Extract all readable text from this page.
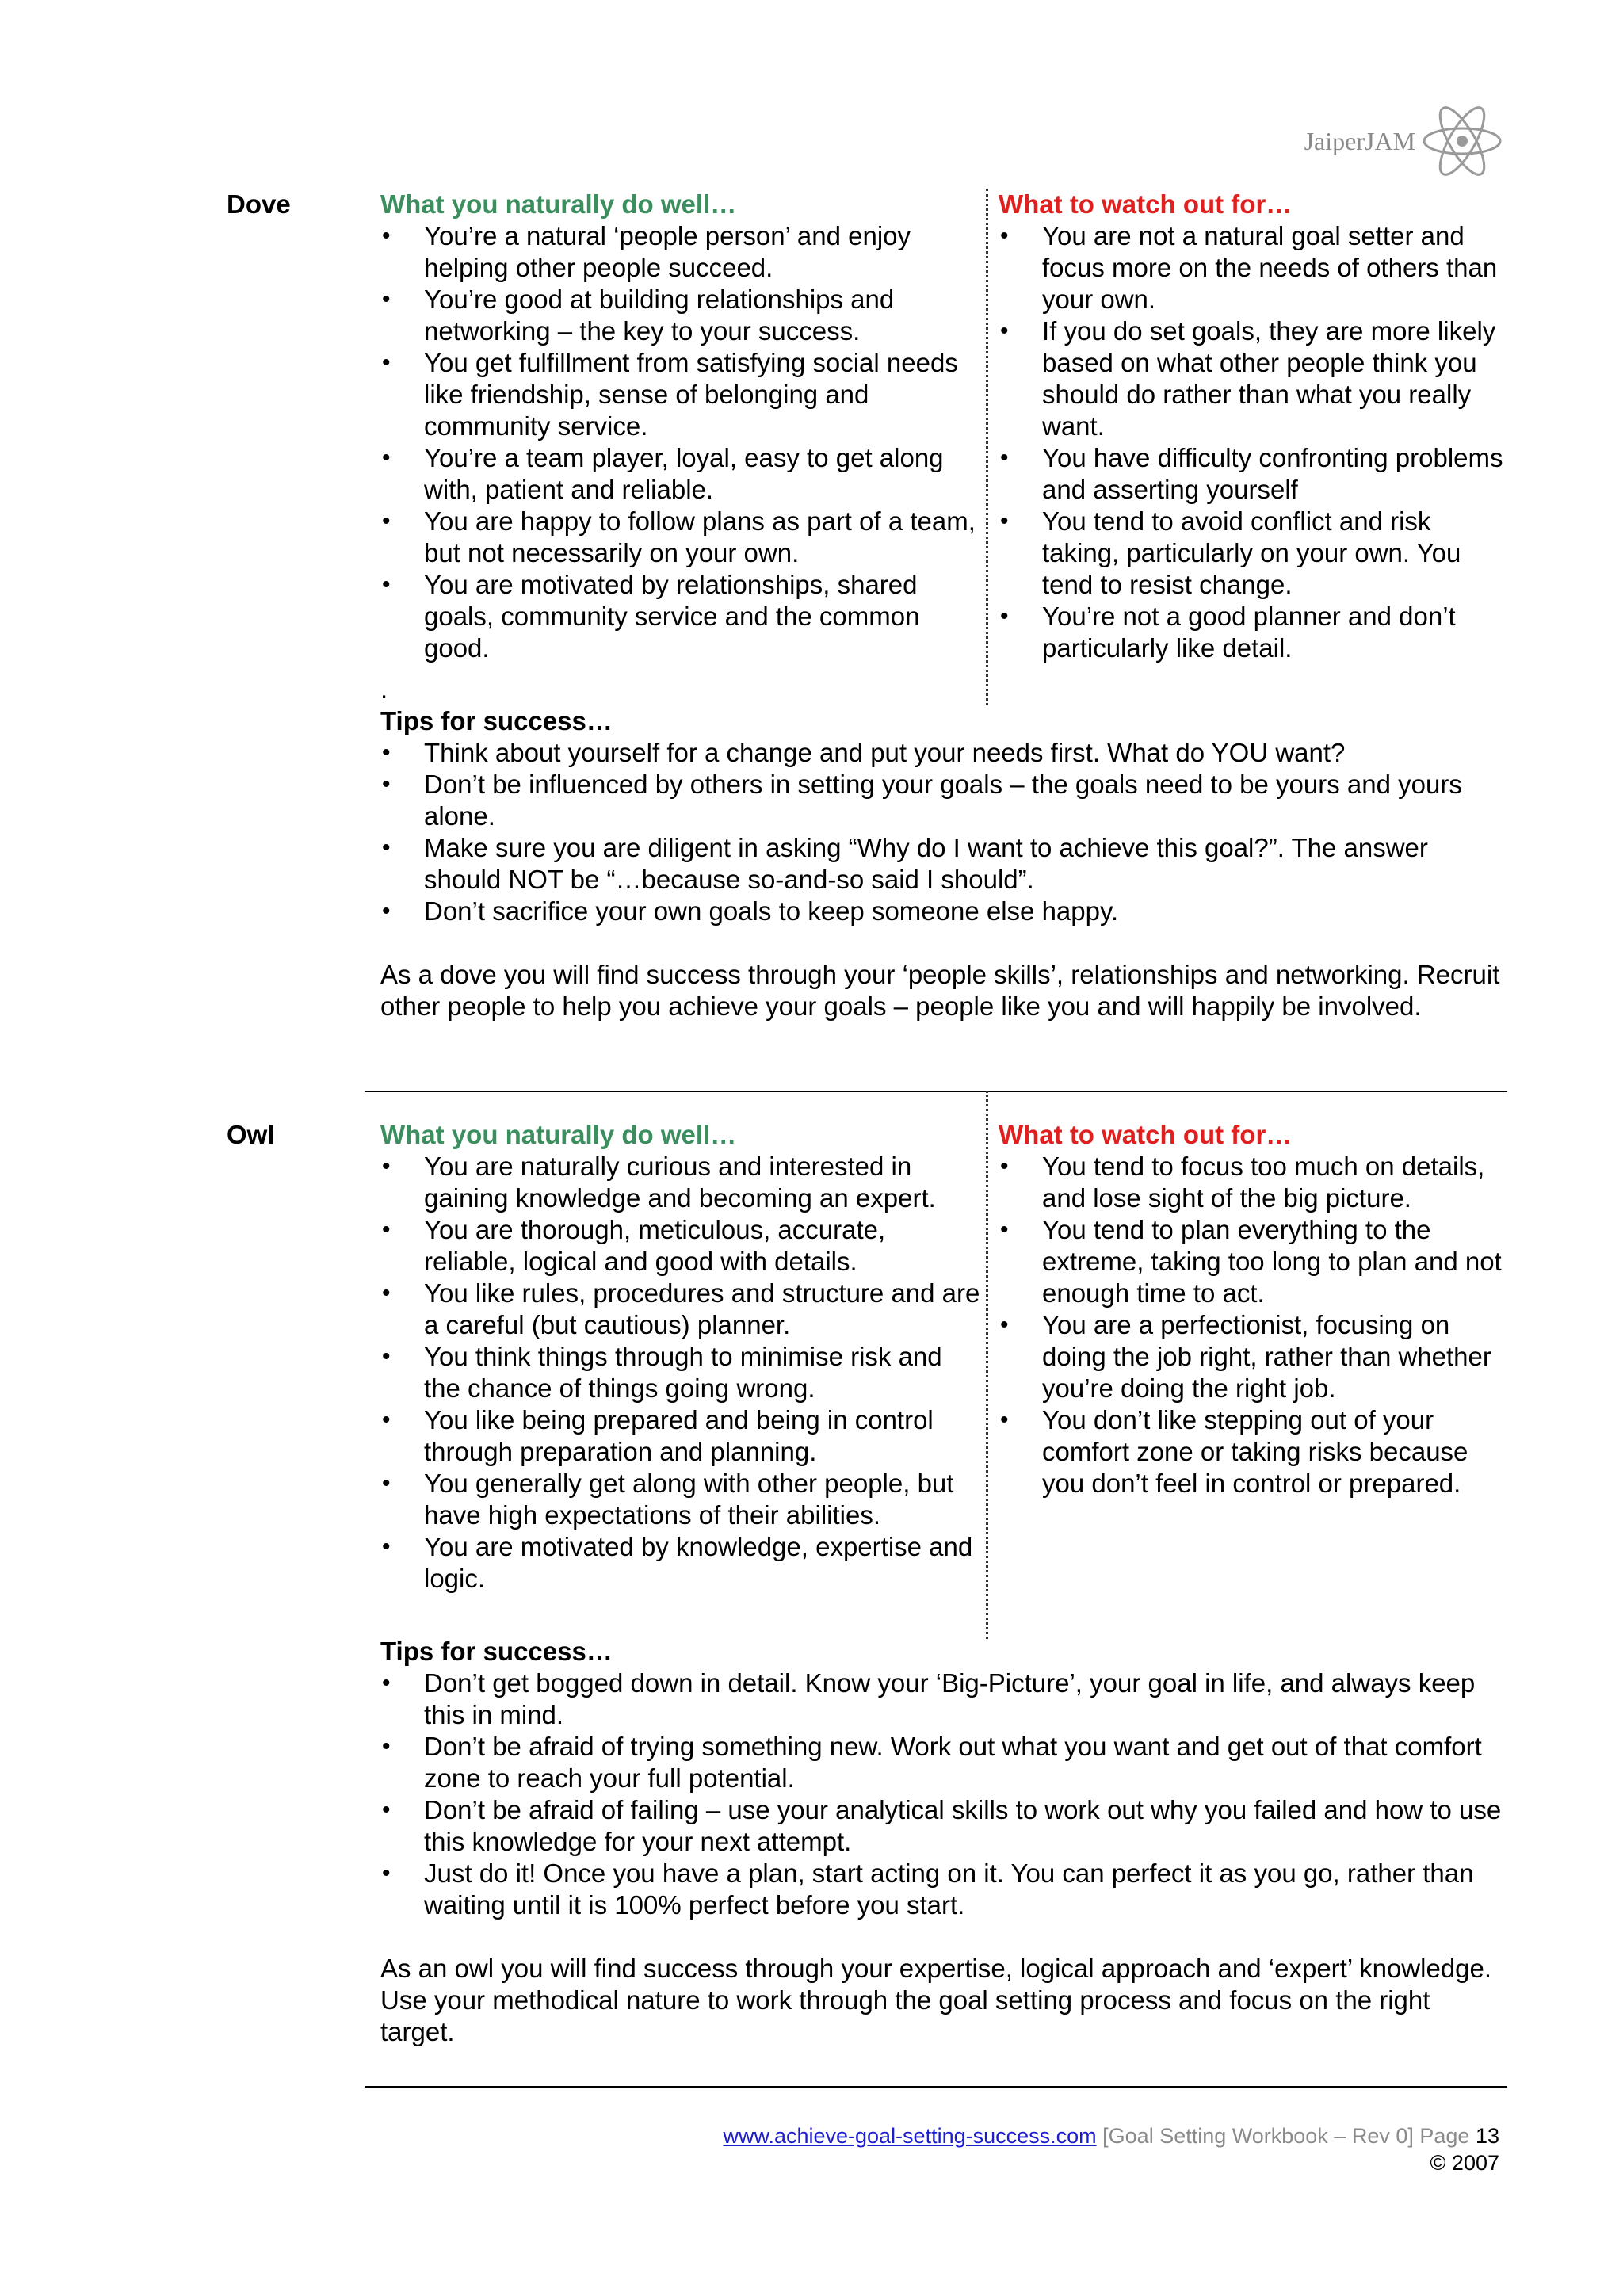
JaiperJAM
Dove	What you naturally do well…
• You’re a natural ‘people person’ and enjoy helping other people succeed.
• You’re good at building relationships and networking – the key to your success.
• You get fulfillment from satisfying social needs like friendship, sense of belonging and community service.
• You’re a team player, loyal, easy to get along with, patient and reliable.
• You are happy to follow plans as part of a team, but not necessarily on your own.
• You are motivated by relationships, shared goals, community service and the common good.
What to watch out for…
• You are not a natural goal setter and focus more on the needs of others than your own.
• If you do set goals, they are more likely based on what other people think you should do rather than what you really want.
• You have difficulty confronting problems and asserting yourself
• You tend to avoid conflict and risk taking, particularly on your own. You tend to resist change.
• You’re not a good planner and don’t particularly like detail.
.
Tips for success…
• Think about yourself for a change and put your needs first. What do YOU want?
• Don’t be influenced by others in setting your goals – the goals need to be yours and yours alone.
• Make sure you are diligent in asking “Why do I want to achieve this goal?”. The answer should NOT be “…because so-and-so said I should”.
• Don’t sacrifice your own goals to keep someone else happy.
As a dove you will find success through your ‘people skills’, relationships and networking. Recruit other people to help you achieve your goals – people like you and will happily be involved.
Owl	What you naturally do well…
• You are naturally curious and interested in gaining knowledge and becoming an expert.
• You are thorough, meticulous, accurate, reliable, logical and good with details.
• You like rules, procedures and structure and are a careful (but cautious) planner.
• You think things through to minimise risk and the chance of things going wrong.
• You like being prepared and being in control through preparation and planning.
• You generally get along with other people, but have high expectations of their abilities.
• You are motivated by knowledge, expertise and logic.
What to watch out for…
• You tend to focus too much on details, and lose sight of the big picture.
• You tend to plan everything to the extreme, taking too long to plan and not enough time to act.
• You are a perfectionist, focusing on doing the job right, rather than whether you’re doing the right job.
• You don’t like stepping out of your comfort zone or taking risks because you don’t feel in control or prepared.
Tips for success…
• Don’t get bogged down in detail. Know your ‘Big-Picture’, your goal in life, and always keep this in mind.
• Don’t be afraid of trying something new. Work out what you want and get out of that comfort zone to reach your full potential.
• Don’t be afraid of failing – use your analytical skills to work out why you failed and how to use this knowledge for your next attempt.
• Just do it! Once you have a plan, start acting on it. You can perfect it as you go, rather than waiting until it is 100% perfect before you start.
As an owl you will find success through your expertise, logical approach and ‘expert’ knowledge. Use your methodical nature to work through the goal setting process and focus on the right target.
www.achieve-goal-setting-success.com [Goal Setting Workbook – Rev 0] Page 13
© 2007
